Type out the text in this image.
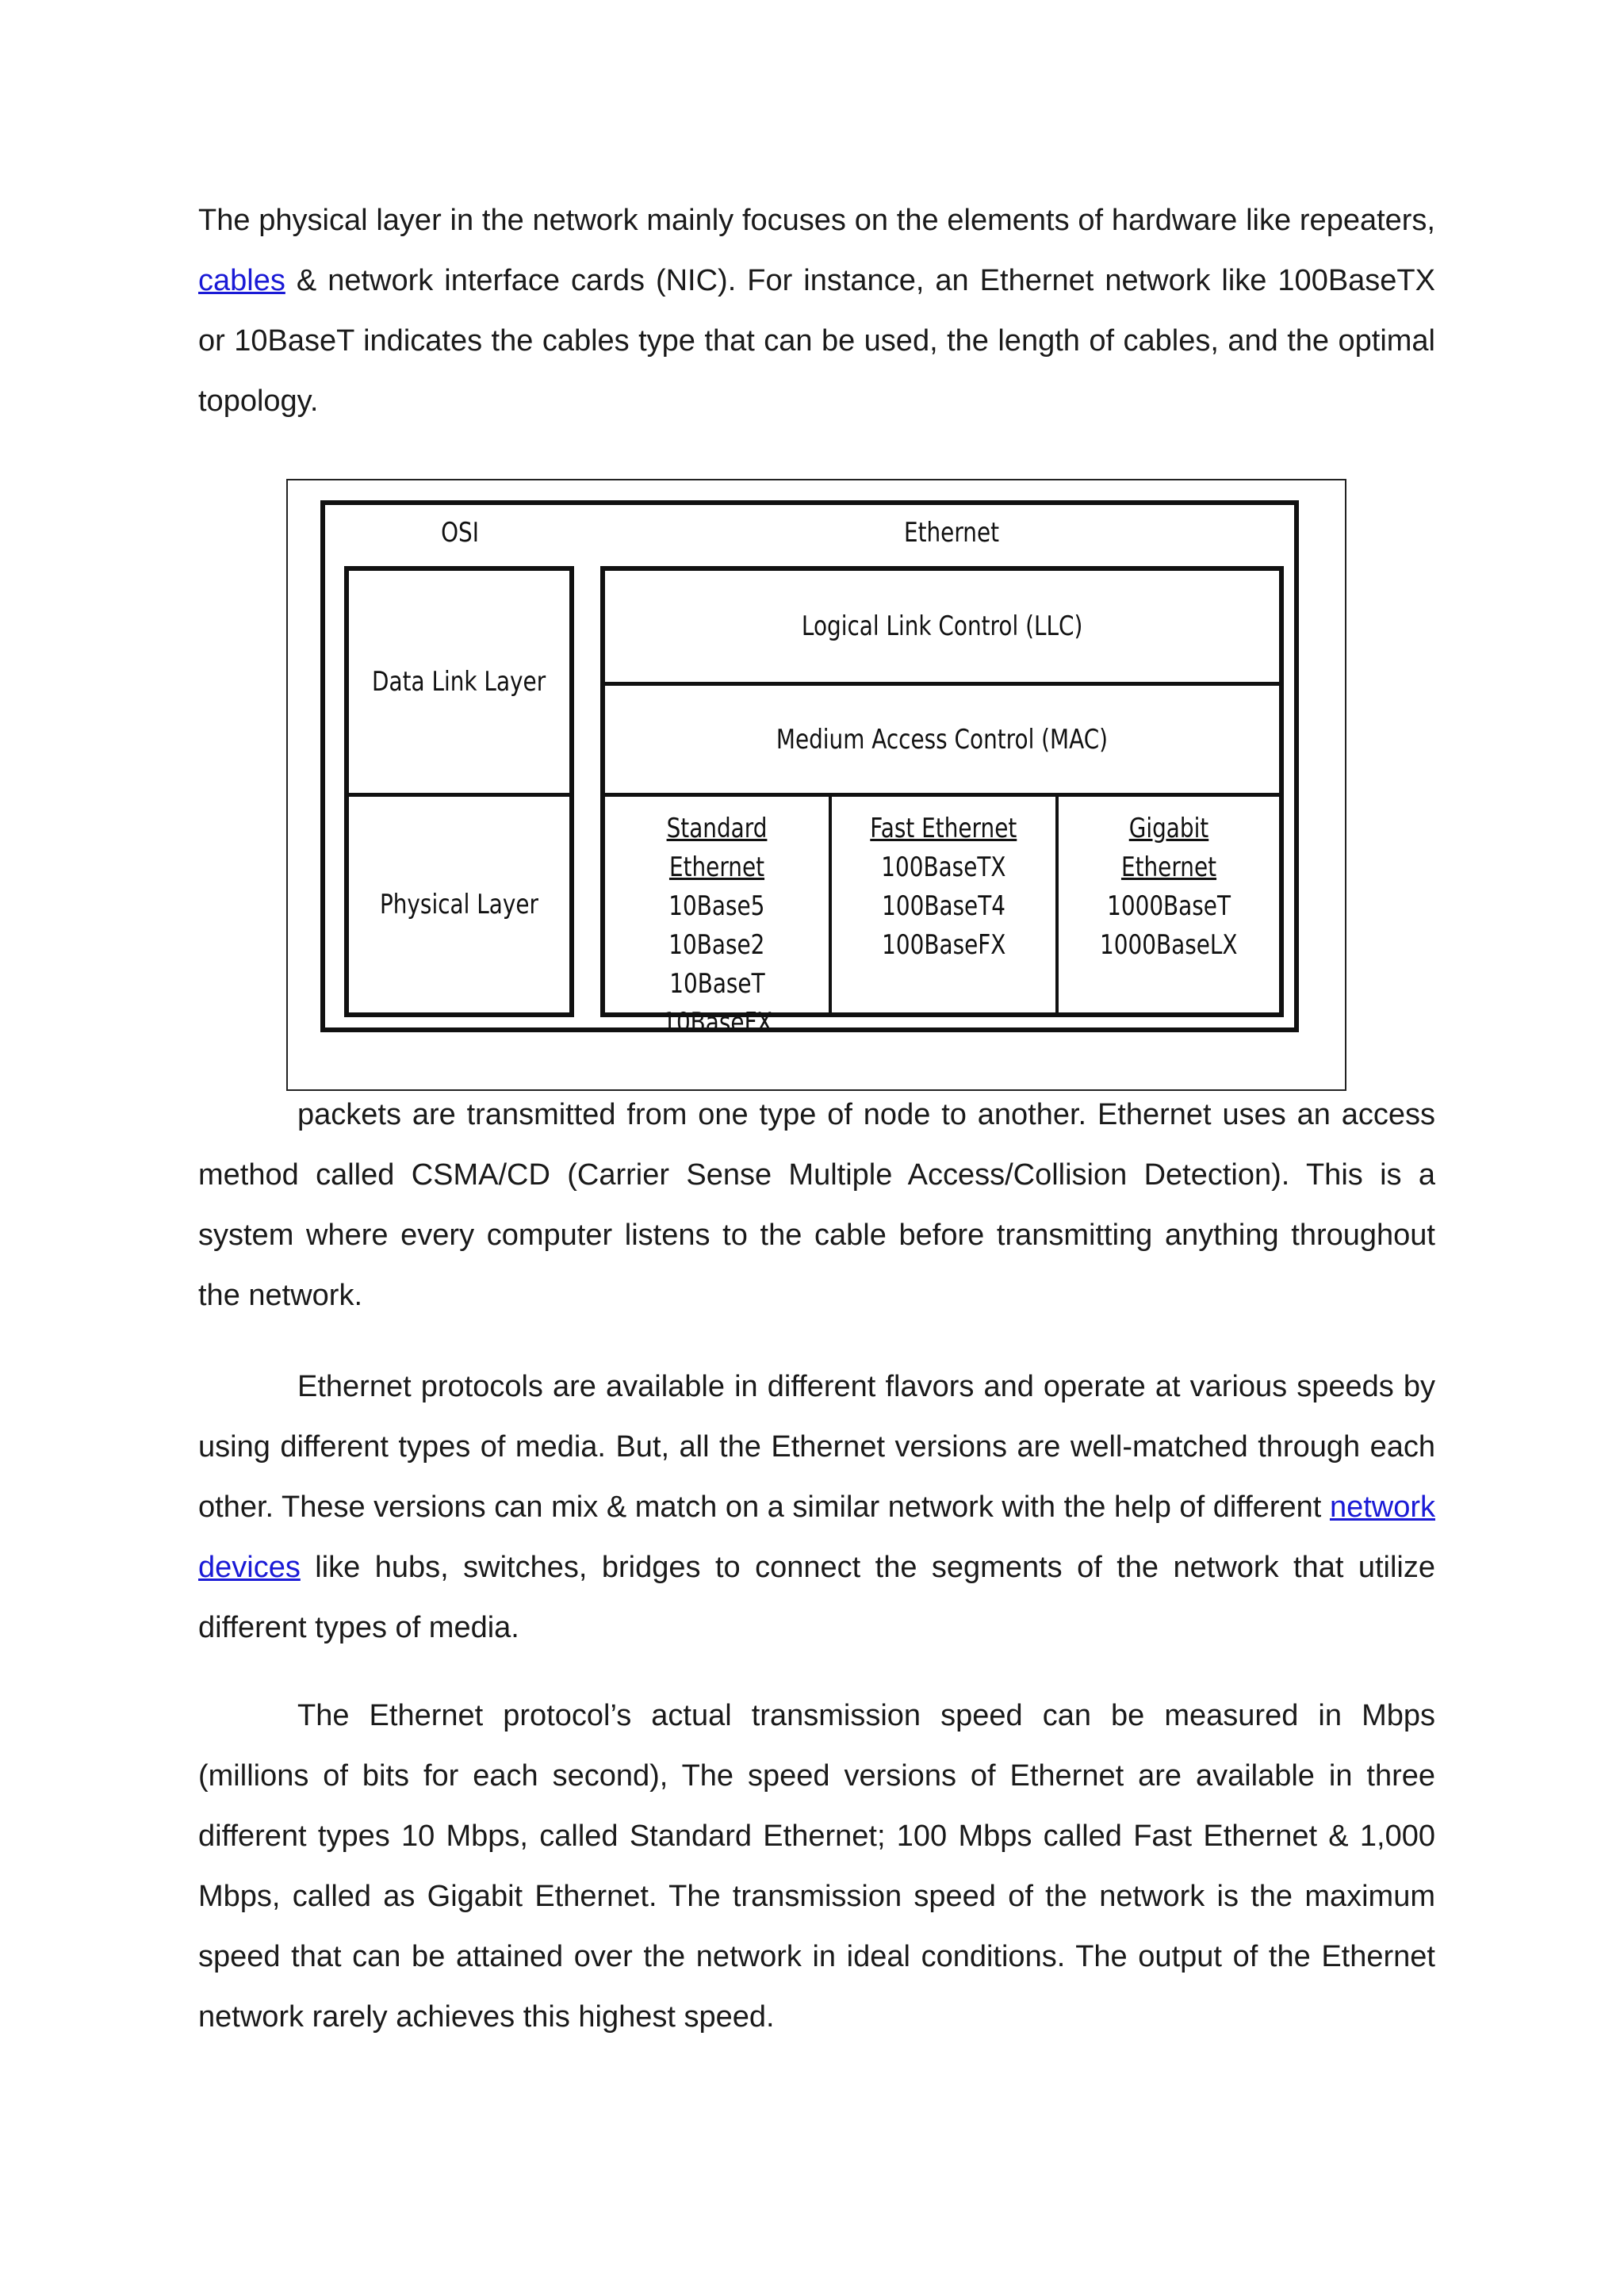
The physical layer in the network mainly focuses on the elements of hardware like repeaters, cables & network interface cards (NIC). For instance, an Ethernet network like 100BaseTX or 10BaseT indicates the cables type that can be used, the length of cables, and the optimal topology.

OSI	Ethernet
Data Link Layer
Physical Layer
Logical Link Control (LLC)
Medium Access Control (MAC)
Standard Ethernet
10Base5
10Base2
10BaseT
10BaseFX
Fast Ethernet
100BaseTX
100BaseT4
100BaseFX
Gigabit Ethernet
1000BaseT
1000BaseLX

packets are transmitted from one type of node to another. Ethernet uses an access method called CSMA/CD (Carrier Sense Multiple Access/Collision Detection). This is a system where every computer listens to the cable before transmitting anything throughout the network.

Ethernet protocols are available in different flavors and operate at various speeds by using different types of media. But, all the Ethernet versions are well-matched through each other. These versions can mix & match on a similar network with the help of different network devices like hubs, switches, bridges to connect the segments of the network that utilize different types of media.

The Ethernet protocol’s actual transmission speed can be measured in Mbps (millions of bits for each second), The speed versions of Ethernet are available in three different types 10 Mbps, called Standard Ethernet; 100 Mbps called Fast Ethernet & 1,000 Mbps, called as Gigabit Ethernet. The transmission speed of the network is the maximum speed that can be attained over the network in ideal conditions. The output of the Ethernet network rarely achieves this highest speed.
